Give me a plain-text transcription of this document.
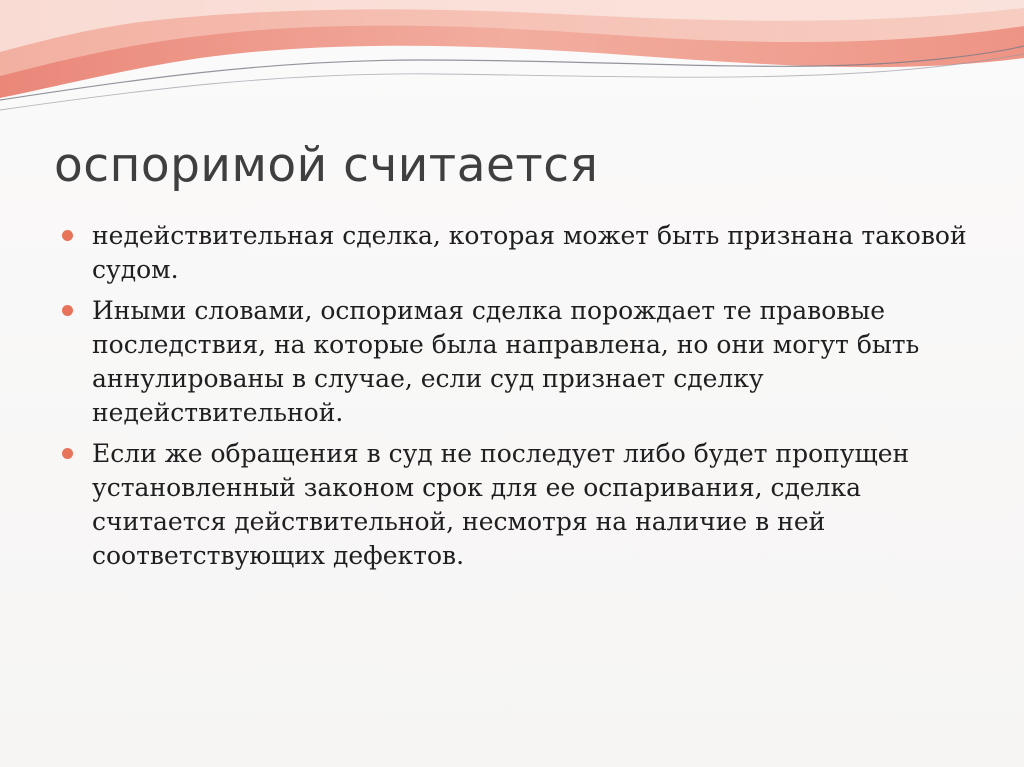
оспоримой считается
недействительная сделка, которая может быть признана таковой судом.
Иными словами, оспоримая сделка порождает те правовые последствия, на которые была направлена, но они могут быть аннулированы в случае, если суд признает сделку недействительной.
Если же обращения в суд не последует либо будет пропущен установленный законом срок для ее оспаривания, сделка считается действительной, несмотря на наличие в ней соответствующих дефектов.
